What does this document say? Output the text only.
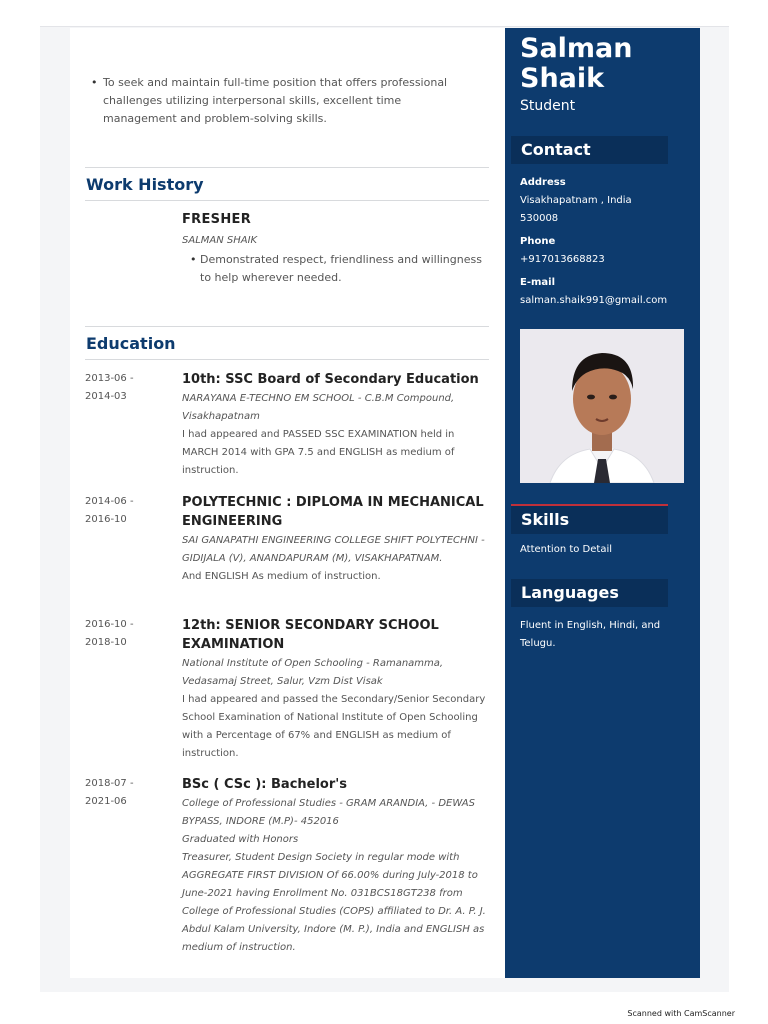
• To seek and maintain full-time position that offers professional challenges utilizing interpersonal skills, excellent time management and problem-solving skills.
Work History
FRESHER
SALMAN SHAIK
• Demonstrated respect, friendliness and willingness to help wherever needed.
Education
2013-06 -
2014-03
10th: SSC Board of Secondary Education
NARAYANA E-TECHNO EM SCHOOL - C.B.M Compound, Visakhapatnam
I had appeared and PASSED SSC EXAMINATION held in MARCH 2014 with GPA 7.5 and ENGLISH as medium of instruction.
2014-06 -
2016-10
POLYTECHNIC : DIPLOMA IN MECHANICAL ENGINEERING
SAI GANAPATHI ENGINEERING COLLEGE SHIFT POLYTECHNI - GIDIJALA (V), ANANDAPURAM (M), VISAKHAPATNAM.
And ENGLISH As medium of instruction.
2016-10 -
2018-10
12th: SENIOR SECONDARY SCHOOL EXAMINATION
National Institute of Open Schooling - Ramanamma, Vedasamaj Street, Salur, Vzm Dist Visak
I had appeared and passed the Secondary/Senior Secondary School Examination of National Institute of Open Schooling with a Percentage of 67% and ENGLISH as medium of instruction.
2018-07 -
2021-06
BSc ( CSc ): Bachelor's
College of Professional Studies - GRAM ARANDIA, - DEWAS BYPASS, INDORE (M.P)- 452016
Graduated with Honors
Treasurer, Student Design Society in regular mode with AGGREGATE FIRST DIVISION Of 66.00% during July-2018 to June-2021 having Enrollment No. 031BCS18GT238 from College of Professional Studies (COPS) affiliated to Dr. A. P. J. Abdul Kalam University, Indore (M. P.), India and ENGLISH as medium of instruction.
Salman
Shaik
Student
Contact
Address
Visakhapatnam , India 530008
Phone
+917013668823
E-mail
salman.shaik991@gmail.com
Skills
Attention to Detail
Languages
Fluent in English, Hindi, and Telugu.
Scanned with CamScanner
